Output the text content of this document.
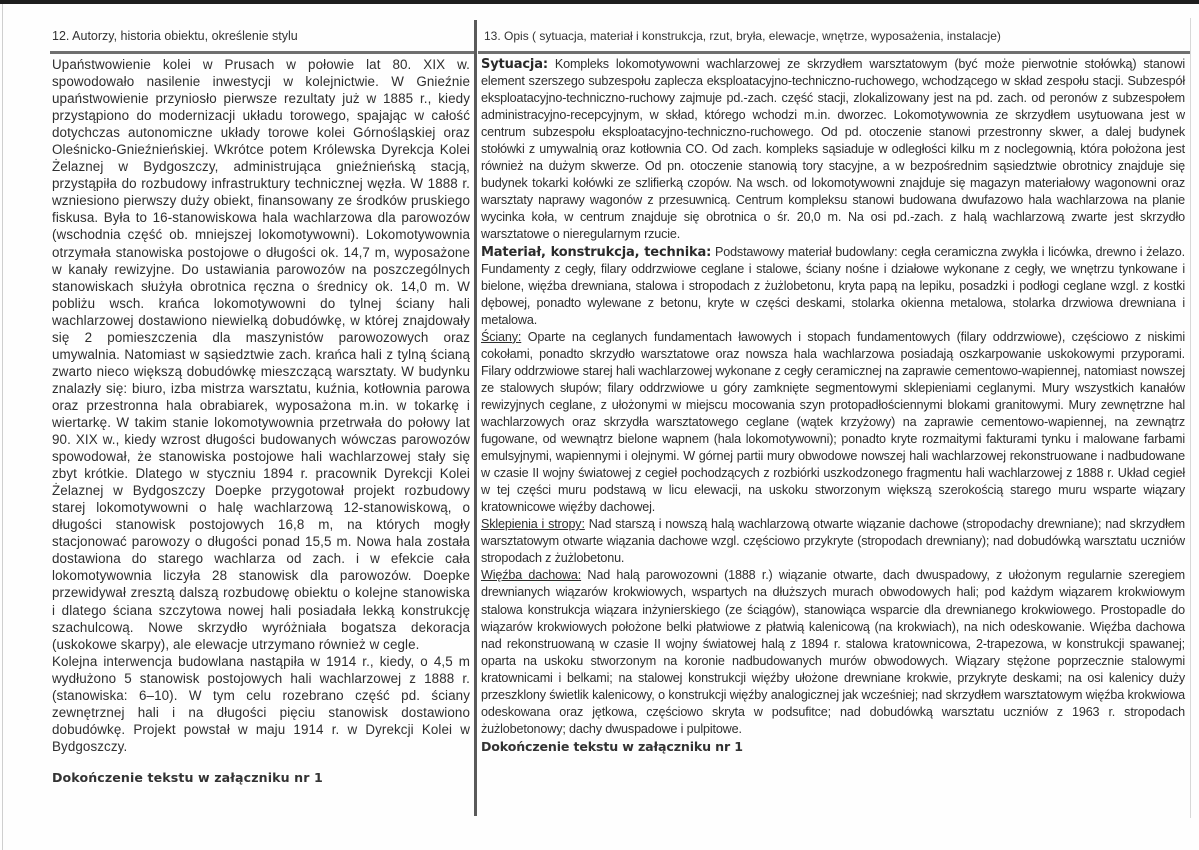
12. Autorzy, historia obiektu, określenie stylu	13. Opis ( sytuacja, materiał i konstrukcja, rzut, bryła, elewacje, wnętrze, wyposażenia, instalacje)

Upaństwowienie kolei w Prusach w połowie lat 80. XIX w. spowodowało nasilenie inwestycji w kolejnictwie. W Gnieźnie upaństwowienie przyniosło pierwsze rezultaty już w 1885 r., kiedy przystąpiono do modernizacji układu torowego, spajając w całość dotychczas autonomiczne układy torowe kolei Górnośląskiej oraz Oleśnicko-Gnieźnieńskiej. Wkrótce potem Królewska Dyrekcja Kolei Żelaznej w Bydgoszczy, administrująca gnieźnieńską stacją, przystąpiła do rozbudowy infrastruktury technicznej węzła. W 1888 r. wzniesiono pierwszy duży obiekt, finansowany ze środków pruskiego fiskusa. Była to 16-stanowiskowa hala wachlarzowa dla parowozów (wschodnia część ob. mniejszej lokomotywowni). Lokomotywownia otrzymała stanowiska postojowe o długości ok. 14,7 m, wyposażone w kanały rewizyjne. Do ustawiania parowozów na poszczególnych stanowiskach służyła obrotnica ręczna o średnicy ok. 14,0 m. W pobliżu wsch. krańca lokomotywowni do tylnej ściany hali wachlarzowej dostawiono niewielką dobudówkę, w której znajdowały się 2 pomieszczenia dla maszynistów parowozowych oraz umywalnia. Natomiast w sąsiedztwie zach. krańca hali z tylną ścianą zwarto nieco większą dobudówkę mieszczącą warsztaty. W budynku znalazły się: biuro, izba mistrza warsztatu, kuźnia, kotłownia parowa oraz przestronna hala obrabiarek, wyposażona m.in. w tokarkę i wiertarkę. W takim stanie lokomotywownia przetrwała do połowy lat 90. XIX w., kiedy wzrost długości budowanych wówczas parowozów spowodował, że stanowiska postojowe hali wachlarzowej stały się zbyt krótkie. Dlatego w styczniu 1894 r. pracownik Dyrekcji Kolei Żelaznej w Bydgoszczy Doepke przygotował projekt rozbudowy starej lokomotywowni o halę wachlarzową 12-stanowiskową, o długości stanowisk postojowych 16,8 m, na których mogły stacjonować parowozy o długości ponad 15,5 m. Nowa hala została dostawiona do starego wachlarza od zach. i w efekcie cała lokomotywownia liczyła 28 stanowisk dla parowozów. Doepke przewidywał zresztą dalszą rozbudowę obiektu o kolejne stanowiska i dlatego ściana szczytowa nowej hali posiadała lekką konstrukcję szachulcową. Nowe skrzydło wyróżniała bogatsza dekoracja (uskokowe skarpy), ale elewacje utrzymano również w cegle.

Kolejna interwencja budowlana nastąpiła w 1914 r., kiedy, o 4,5 m wydłużono 5 stanowisk postojowych hali wachlarzowej z 1888 r. (stanowiska: 6–10). W tym celu rozebrano część pd. ściany zewnętrznej hali i na długości pięciu stanowisk dostawiono dobudówkę. Projekt powstał w maju 1914 r. w Dyrekcji Kolei w Bydgoszczy.

Dokończenie tekstu w załączniku nr 1

Sytuacja: Kompleks lokomotywowni wachlarzowej ze skrzydłem warsztatowym (być może pierwotnie stołówką) stanowi element szerszego subzespołu zaplecza eksploatacyjno-techniczno-ruchowego, wchodzącego w skład zespołu stacji. Subzespół eksploatacyjno-techniczno-ruchowy zajmuje pd.-zach. część stacji, zlokalizowany jest na pd. zach. od peronów z subzespołem administracyjno-recepcyjnym, w skład, którego wchodzi m.in. dworzec. Lokomotywownia ze skrzydłem usytuowana jest w centrum subzespołu eksploatacyjno-techniczno-ruchowego. Od pd. otoczenie stanowi przestronny skwer, a dalej budynek stołówki z umywalnią oraz kotłownia CO. Od zach. kompleks sąsiaduje w odległości kilku m z noclegownią, która położona jest również na dużym skwerze. Od pn. otoczenie stanowią tory stacyjne, a w bezpośrednim sąsiedztwie obrotnicy znajduje się budynek tokarki kołówki ze szlifierką czopów. Na wsch. od lokomotywowni znajduje się magazyn materiałowy wagonowni oraz warsztaty naprawy wagonów z przesuwnicą. Centrum kompleksu stanowi budowana dwufazowo hala wachlarzowa na planie wycinka koła, w centrum znajduje się obrotnica o śr. 20,0 m. Na osi pd.-zach. z halą wachlarzową zwarte jest skrzydło warsztatowe o nieregularnym rzucie.

Materiał, konstrukcja, technika: Podstawowy materiał budowlany: cegła ceramiczna zwykła i licówka, drewno i żelazo. Fundamenty z cegły, filary oddrzwiowe ceglane i stalowe, ściany nośne i działowe wykonane z cegły, we wnętrzu tynkowane i bielone, więźba drewniana, stalowa i stropodach z żużlobetonu, kryta papą na lepiku, posadzki i podłogi ceglane wzgl. z kostki dębowej, ponadto wylewane z betonu, kryte w części deskami, stolarka okienna metalowa, stolarka drzwiowa drewniana i metalowa.

Ściany: Oparte na ceglanych fundamentach ławowych i stopach fundamentowych (filary oddrzwiowe), częściowo z niskimi cokołami, ponadto skrzydło warsztatowe oraz nowsza hala wachlarzowa posiadają oszkarpowanie uskokowymi przyporami. Filary oddrzwiowe starej hali wachlarzowej wykonane z cegły ceramicznej na zaprawie cementowo-wapiennej, natomiast nowszej ze stalowych słupów; filary oddrzwiowe u góry zamknięte segmentowymi sklepieniami ceglanymi. Mury wszystkich kanałów rewizyjnych ceglane, z ułożonymi w miejscu mocowania szyn protopadłościennymi blokami granitowymi. Mury zewnętrzne hal wachlarzowych oraz skrzydła warsztatowego ceglane (wątek krzyżowy) na zaprawie cementowo-wapiennej, na zewnątrz fugowane, od wewnątrz bielone wapnem (hala lokomotywowni); ponadto kryte rozmaitymi fakturami tynku i malowane farbami emulsyjnymi, wapiennymi i olejnymi. W górnej partii mury obwodowe nowszej hali wachlarzowej rekonstruowane i nadbudowane w czasie II wojny światowej z cegieł pochodzących z rozbiórki uszkodzonego fragmentu hali wachlarzowej z 1888 r. Układ cegieł w tej części muru podstawą w licu elewacji, na uskoku stworzonym większą szerokością starego muru wsparte wiązary kratownicowe więźby dachowej.

Sklepienia i stropy: Nad starszą i nowszą halą wachlarzową otwarte wiązanie dachowe (stropodachy drewniane); nad skrzydłem warsztatowym otwarte wiązania dachowe wzgl. częściowo przykryte (stropodach drewniany); nad dobudówką warsztatu uczniów stropodach z żużlobetonu.

Więźba dachowa: Nad halą parowozowni (1888 r.) wiązanie otwarte, dach dwuspadowy, z ułożonym regularnie szeregiem drewnianych wiązarów krokwiowych, wspartych na dłuższych murach obwodowych hali; pod każdym wiązarem krokwiowym stalowa konstrukcja wiązara inżynierskiego (ze ściągów), stanowiąca wsparcie dla drewnianego krokwiowego. Prostopadle do wiązarów krokwiowych położone belki płatwiowe z płatwią kalenicową (na krokwiach), na nich odeskowanie. Więźba dachowa nad rekonstruowaną w czasie II wojny światowej halą z 1894 r. stalowa kratownicowa, 2-trapezowa, w konstrukcji spawanej; oparta na uskoku stworzonym na koronie nadbudowanych murów obwodowych. Wiązary stężone poprzecznie stalowymi kratownicami i belkami; na stalowej konstrukcji więźby ułożone drewniane krokwie, przykryte deskami; na osi kalenicy duży przeszklony świetlik kalenicowy, o konstrukcji więźby analogicznej jak wcześniej; nad skrzydłem warsztatowym więźba krokwiowa odeskowana oraz jętkowa, częściowo skryta w podsufitce; nad dobudówką warsztatu uczniów z 1963 r. stropodach żużlobetonowy; dachy dwuspadowe i pulpitowe.

Dokończenie tekstu w załączniku nr 1
